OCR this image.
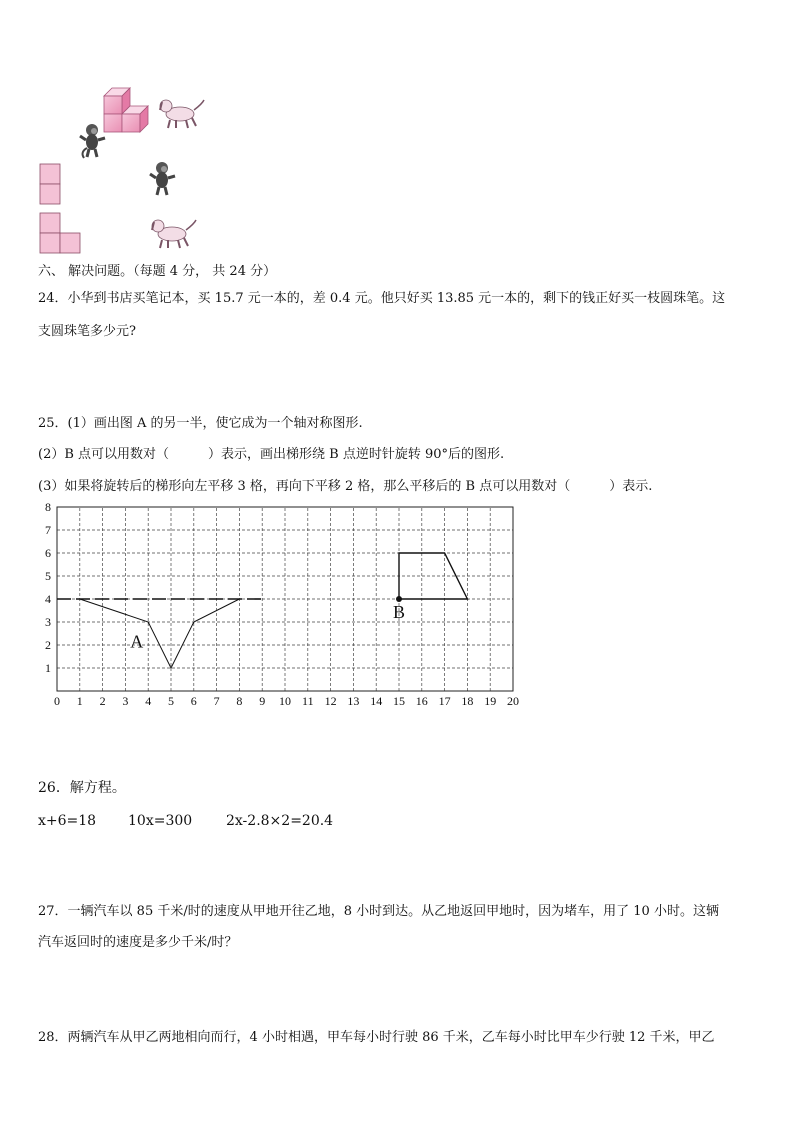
六、 解决问题。（每题 4 分， 共 24 分）
24．小华到书店买笔记本，买 15.7 元一本的，差 0.4 元。他只好买 13.85 元一本的，剩下的钱正好买一枝圆珠笔。这
支圆珠笔多少元?
25．(1）画出图 A 的另一半，使它成为一个轴对称图形.
(2）B 点可以用数对（　　　）表示，画出梯形绕 B 点逆时针旋转 90°后的图形.
(3）如果将旋转后的梯形向左平移 3 格，再向下平移 2 格，那么平移后的 B 点可以用数对（　　　）表示.
0 1 2 3 4 5 6 7 8 9 10 11 12 13 14 15 16 17 18 19 20
1
2
3
4
5
6
7
8
A
B
26．解方程。
x+6=18 10x=300 2x-2.8×2=20.4
27．一辆汽车以 85 千米/时的速度从甲地开往乙地，8 小时到达。从乙地返回甲地时，因为堵车，用了 10 小时。这辆
汽车返回时的速度是多少千米/时？
28．两辆汽车从甲乙两地相向而行，4 小时相遇，甲车每小时行驶 86 千米，乙车每小时比甲车少行驶 12 千米，甲乙
